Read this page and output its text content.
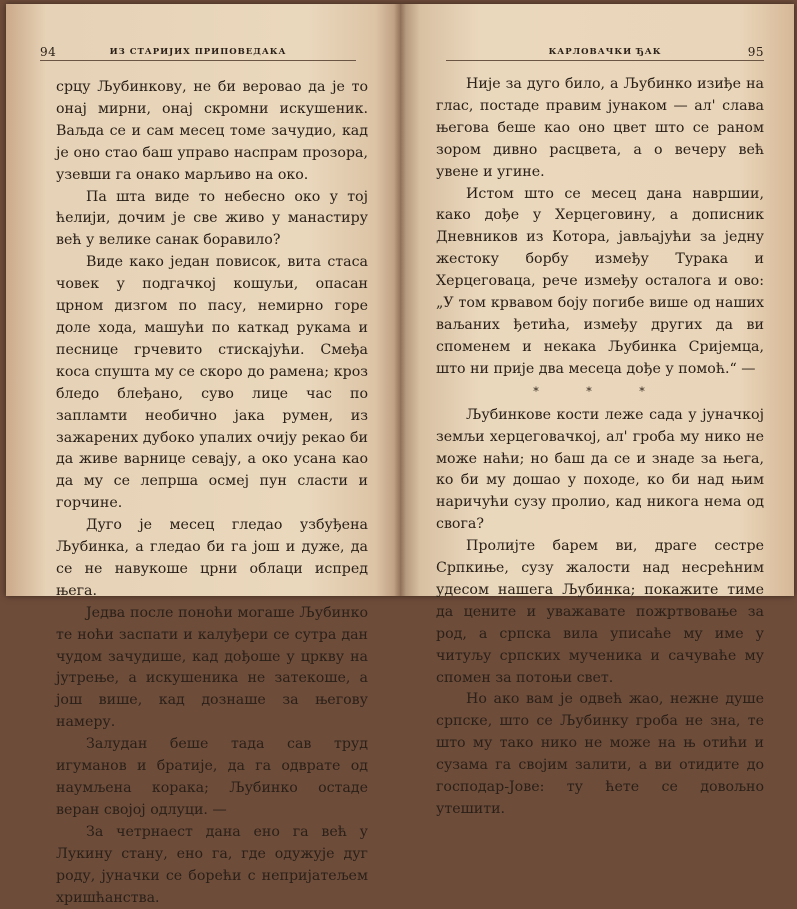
94	ИЗ СТАРИЈИХ ПРИПОВЕДАКА

срцу Љубинкову, не би веровао да је то онај мирни, онај скромни искушеник. Ваљда се и сам месец томе зачудио, кад је оно стао баш управо наспрам прозора, узевши га онако марљиво на око.

Па шта виде то небесно око у тој ћелији, дочим је све живо у манастиру већ у велике санак боравило?

Виде како један повисок, вита стаса човек у подгачкој кошуљи, опасан црном дизгом по пасу, немирно горе доле хода, машући по каткад рукама и песнице грчевито стискајући. Смеђа коса спушта му се скоро до рамена; кроз бледо блеђано, суво лице час по запламти необично јака румен, из зажарених дубоко упалих очију рекао би да живе варнице севају, а око усана као да му се лепрша осмеј пун сласти и горчине.

Дуго је месец гледао узбуђена Љубинка, а гледао би га још и дуже, да се не навукоше црни облаци испред њега.

Једва после поноћи могаше Љубинко те ноћи заспати и калуђери се сутра дан чудом зачудише, кад дођоше у цркву на јутрење, а искушеника не затекоше, а још више, кад дознаше за његову намеру.

Залудан беше тада сав труд игуманов и братије, да га одврате од наумљена корака; Љубинко остаде веран својој одлуци. —

За четрнаест дана ено га већ у Лукину стану, ено га, где одужује дуг роду, јуначки се борећи с непријатељем хришћанства.

КАРЛОВАЧКИ ЂАК	95

Није за дуго било, а Љубинко изиђе на глас, постаде правим јунаком — ал' слава његова беше као оно цвет што се раном зором дивно расцвета, а о вечеру већ увене и угине.

Истом што се месец дана навршии, како дође у Херцеговину, а дописник Дневников из Котора, јављајући за једну жестоку борбу између Турака и Херцеговаца, рече између осталога и ово: „У том крвавом боју погибе више од наших ваљаних ђетића, између других да ви споменем и некака Љубинка Сријемца, што ни прије два месеца дође у помоћ.“ —

* * *

Љубинкове кости леже сада у јуначкој земљи херцеговачкој, ал' гроба му нико не може наћи; но баш да се и знаде за њега, ко би му дошао у походе, ко би над њим наричући сузу пролио, кад никога нема од свога?

Пролијте барем ви, драге сестре Српкиње, сузу жалости над несрећним удесом нашега Љубинка; покажите тиме да цените и уважавате пожртвовање за род, а српска вила уписаће му име у читуљу српских мученика и сачуваће му спомен за потоњи свет.

Но ако вам је одвећ жао, нежне душе српске, што се Љубинку гроба не зна, те што му тако нико не може на њ отићи и сузама га својим залити, а ви отидите до господар-Јове: ту ћете се довољно утешити.
